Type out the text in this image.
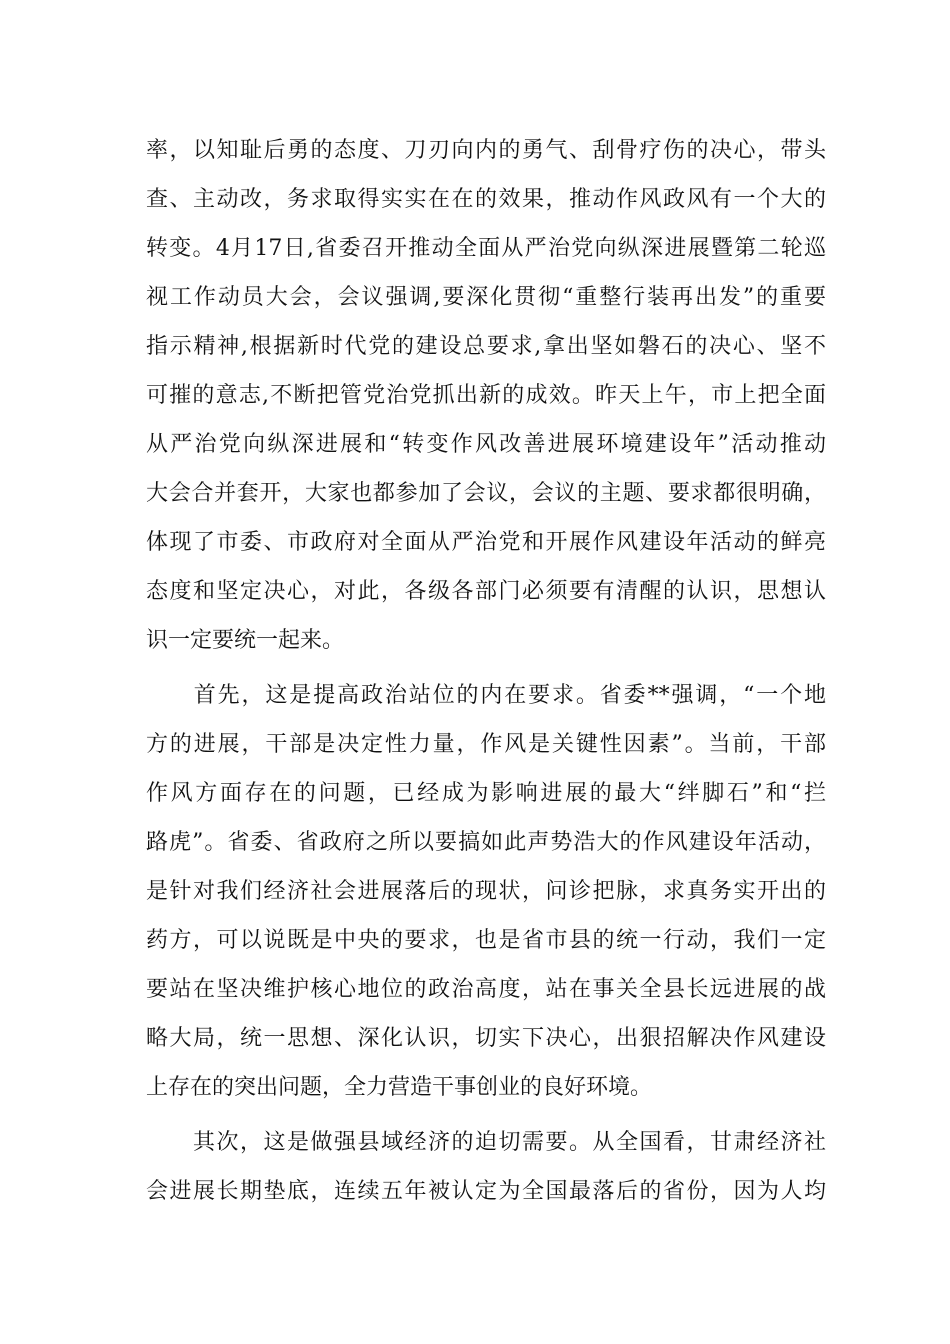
率，以知耻后勇的态度、刀刃向内的勇气、刮骨疗伤的决心，带头
查、主动改，务求取得实实在在的效果，推动作风政风有一个大的
转变。4月17日,省委召开推动全面从严治党向纵深进展暨第二轮巡
视工作动员大会，会议强调,要深化贯彻“重整行装再出发”的重要
指示精神,根据新时代党的建设总要求,拿出坚如磐石的决心、坚不
可摧的意志,不断把管党治党抓出新的成效。昨天上午，市上把全面
从严治党向纵深进展和“转变作风改善进展环境建设年”活动推动
大会合并套开，大家也都参加了会议，会议的主题、要求都很明确，
体现了市委、市政府对全面从严治党和开展作风建设年活动的鲜亮
态度和坚定决心，对此，各级各部门必须要有清醒的认识，思想认
识一定要统一起来。
　　首先，这是提高政治站位的内在要求。省委**强调，“一个地
方的进展，干部是决定性力量，作风是关键性因素”。当前，干部
作风方面存在的问题，已经成为影响进展的最大“绊脚石”和“拦
路虎”。省委、省政府之所以要搞如此声势浩大的作风建设年活动，
是针对我们经济社会进展落后的现状，问诊把脉，求真务实开出的
药方，可以说既是中央的要求，也是省市县的统一行动，我们一定
要站在坚决维护核心地位的政治高度，站在事关全县长远进展的战
略大局，统一思想、深化认识，切实下决心，出狠招解决作风建设
上存在的突出问题，全力营造干事创业的良好环境。
　　其次，这是做强县域经济的迫切需要。从全国看，甘肃经济社
会进展长期垫底，连续五年被认定为全国最落后的省份，因为人均
